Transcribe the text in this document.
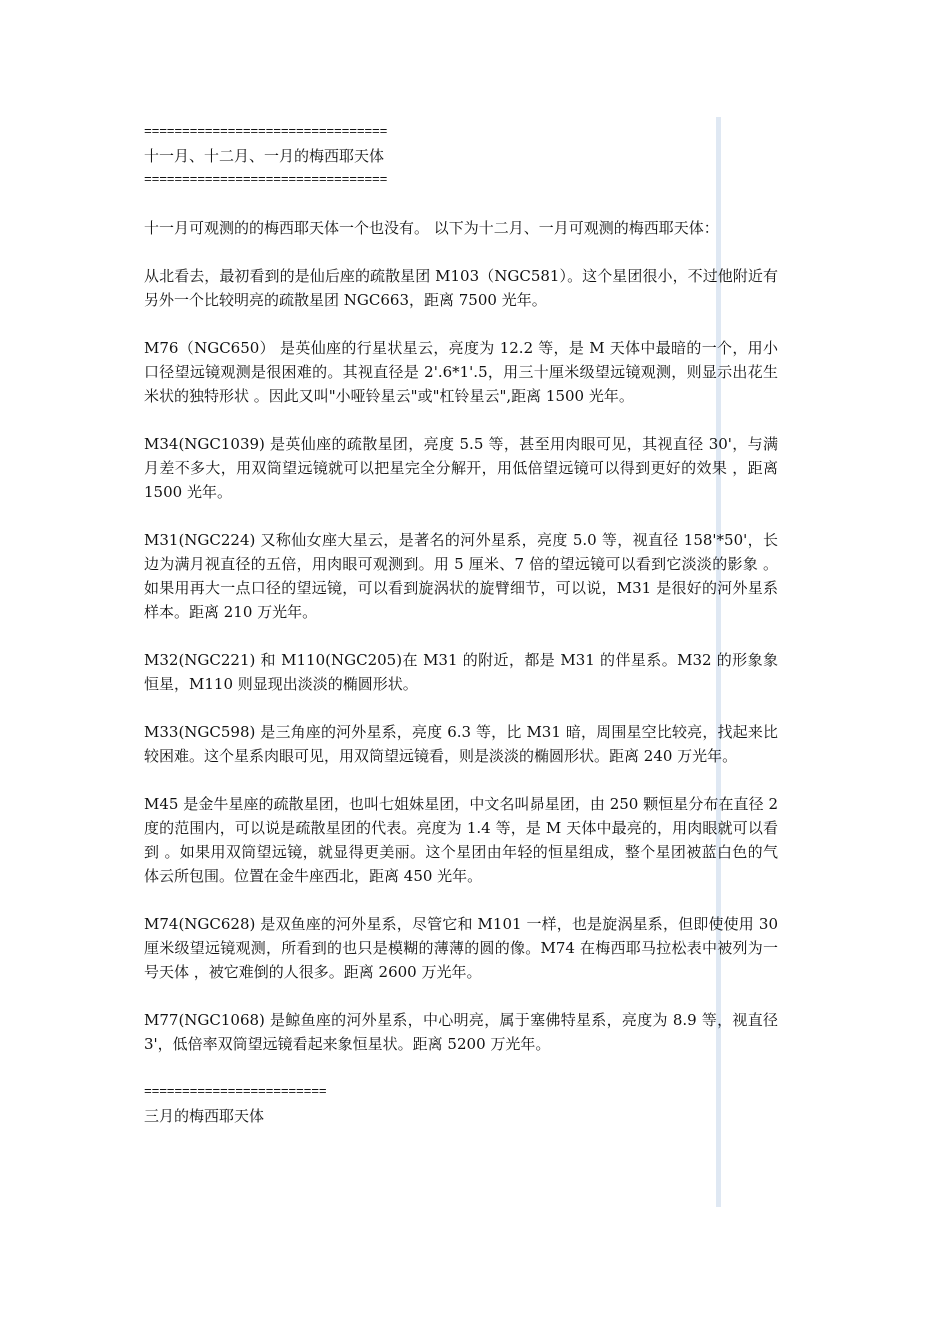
================================
十一月、十二月、一月的梅西耶天体
================================

十一月可观测的的梅西耶天体一个也没有。 以下为十二月、一月可观测的梅西耶天体：

从北看去，最初看到的是仙后座的疏散星团 M103（NGC581）。这个星团很小，不过他附近有另外一个比较明亮的疏散星团 NGC663，距离 7500 光年。

M76（NGC650） 是英仙座的行星状星云，亮度为 12.2 等，是 M 天体中最暗的一个，用小口径望远镜观测是很困难的。其视直径是 2'.6*1'.5，用三十厘米级望远镜观测，则显示出花生米状的独特形状 。因此又叫"小哑铃星云"或"杠铃星云",距离 1500 光年。

M34(NGC1039) 是英仙座的疏散星团，亮度 5.5 等，甚至用肉眼可见，其视直径 30'，与满月差不多大，用双筒望远镜就可以把星完全分解开，用低倍望远镜可以得到更好的效果 ，距离 1500 光年。

M31(NGC224) 又称仙女座大星云，是著名的河外星系，亮度 5.0 等，视直径 158'*50'，长边为满月视直径的五倍，用肉眼可观测到。用 5 厘米、7 倍的望远镜可以看到它淡淡的影象 。如果用再大一点口径的望远镜，可以看到旋涡状的旋臂细节，可以说，M31 是很好的河外星系样本。距离 210 万光年。

M32(NGC221) 和 M110(NGC205)在 M31 的附近，都是 M31 的伴星系。M32 的形象象恒星，M110 则显现出淡淡的椭圆形状。

M33(NGC598) 是三角座的河外星系，亮度 6.3 等，比 M31 暗，周围星空比较亮，找起来比较困难。这个星系肉眼可见，用双筒望远镜看，则是淡淡的椭圆形状。距离 240 万光年。

M45 是金牛星座的疏散星团，也叫七姐妹星团，中文名叫昴星团，由 250 颗恒星分布在直径 2 度的范围内，可以说是疏散星团的代表。亮度为 1.4 等，是 M 天体中最亮的，用肉眼就可以看到 。如果用双筒望远镜，就显得更美丽。这个星团由年轻的恒星组成，整个星团被蓝白色的气体云所包围。位置在金牛座西北，距离 450 光年。

M74(NGC628) 是双鱼座的河外星系，尽管它和 M101 一样，也是旋涡星系，但即使使用 30 厘米级望远镜观测，所看到的也只是模糊的薄薄的圆的像。M74 在梅西耶马拉松表中被列为一号天体 ，被它难倒的人很多。距离 2600 万光年。

M77(NGC1068) 是鲸鱼座的河外星系，中心明亮，属于塞佛特星系，亮度为 8.9 等，视直径 3'，低倍率双筒望远镜看起来象恒星状。距离 5200 万光年。

========================
三月的梅西耶天体
